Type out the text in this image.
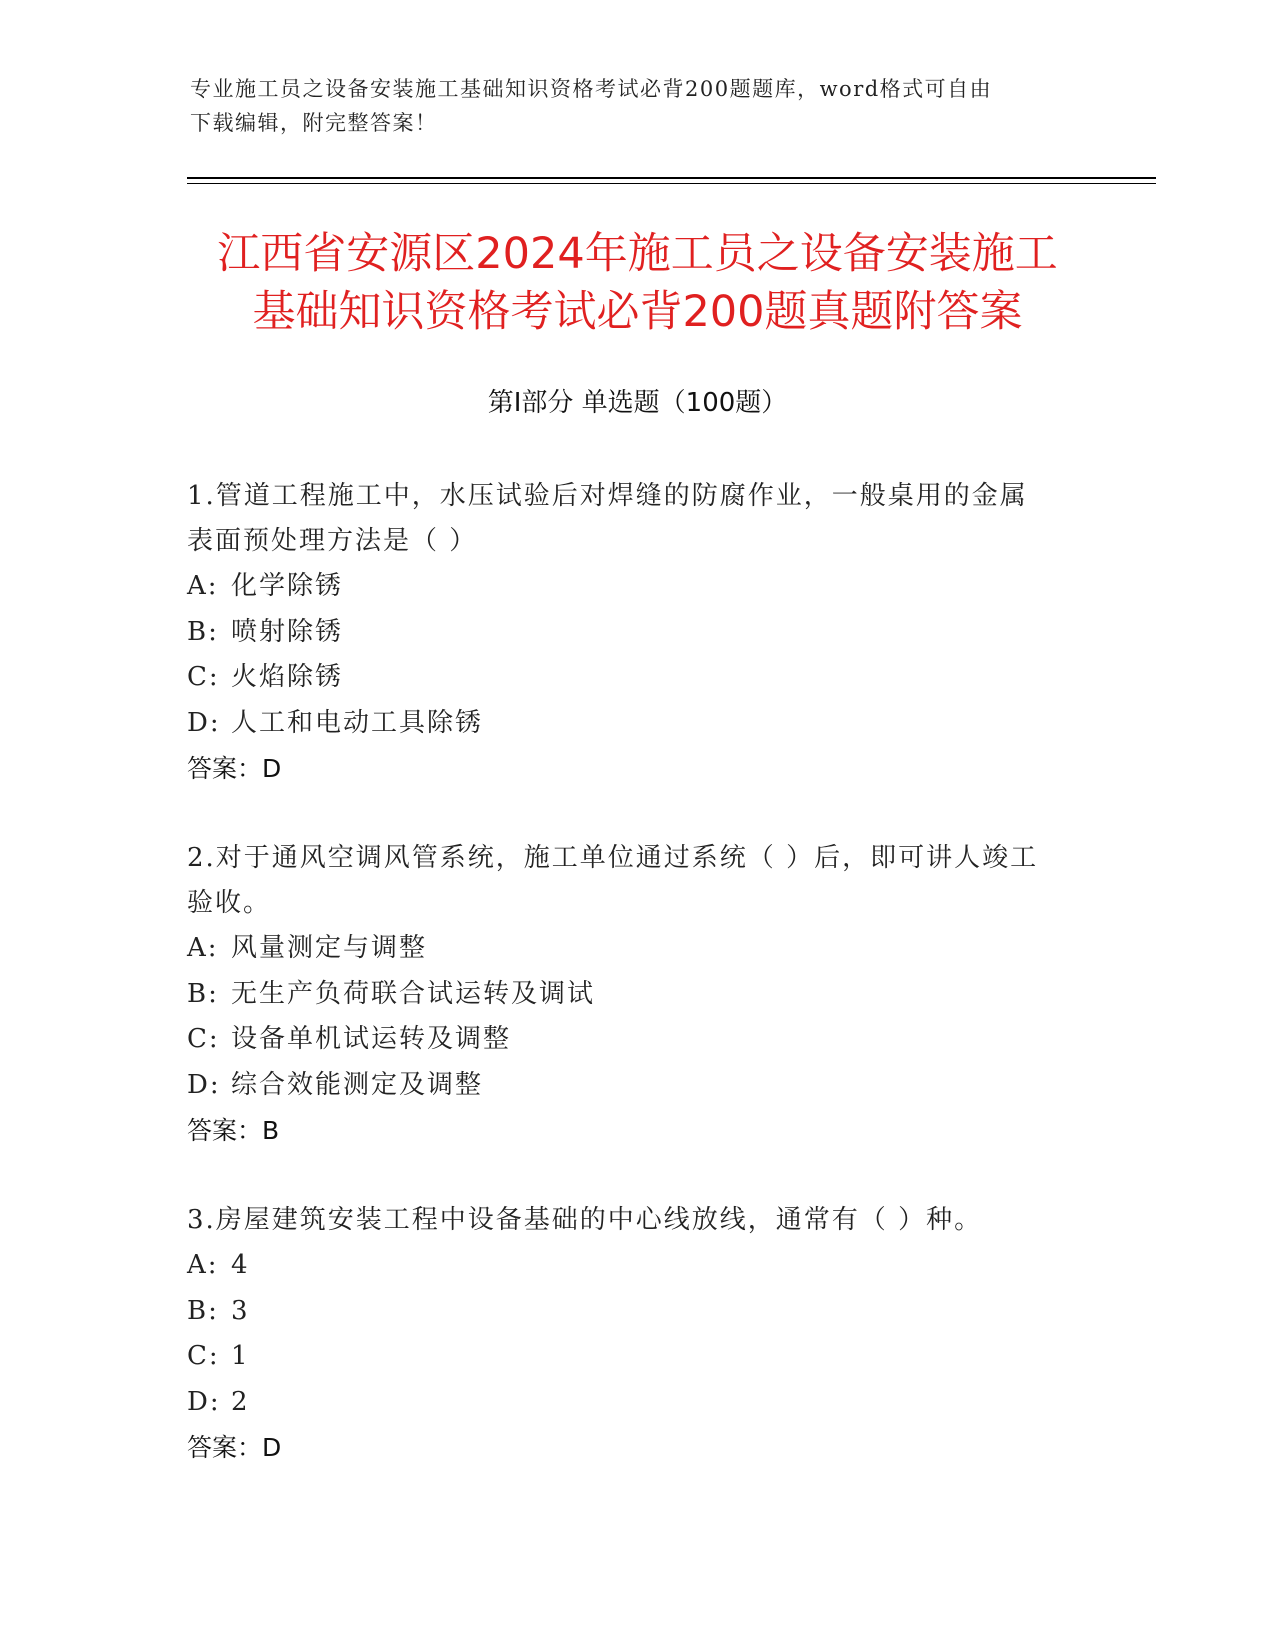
专业施工员之设备安装施工基础知识资格考试必背200题题库，word格式可自由
下载编辑，附完整答案！
江西省安源区2024年施工员之设备安装施工
基础知识资格考试必背200题真题附答案
第Ⅰ部分 单选题（100题）
1.管道工程施工中，水压试验后对焊缝的防腐作业，一般桌用的金属
表面预处理方法是（ ）
A: 化学除锈
B: 喷射除锈
C: 火焰除锈
D: 人工和电动工具除锈
答案：D
2.对于通风空调风管系统，施工单位通过系统（ ）后，即可讲人竣工
验收。
A: 风量测定与调整
B: 无生产负荷联合试运转及调试
C: 设备单机试运转及调整
D: 综合效能测定及调整
答案：B
3.房屋建筑安装工程中设备基础的中心线放线，通常有（ ）种。
A: 4
B: 3
C: 1
D: 2
答案：D
